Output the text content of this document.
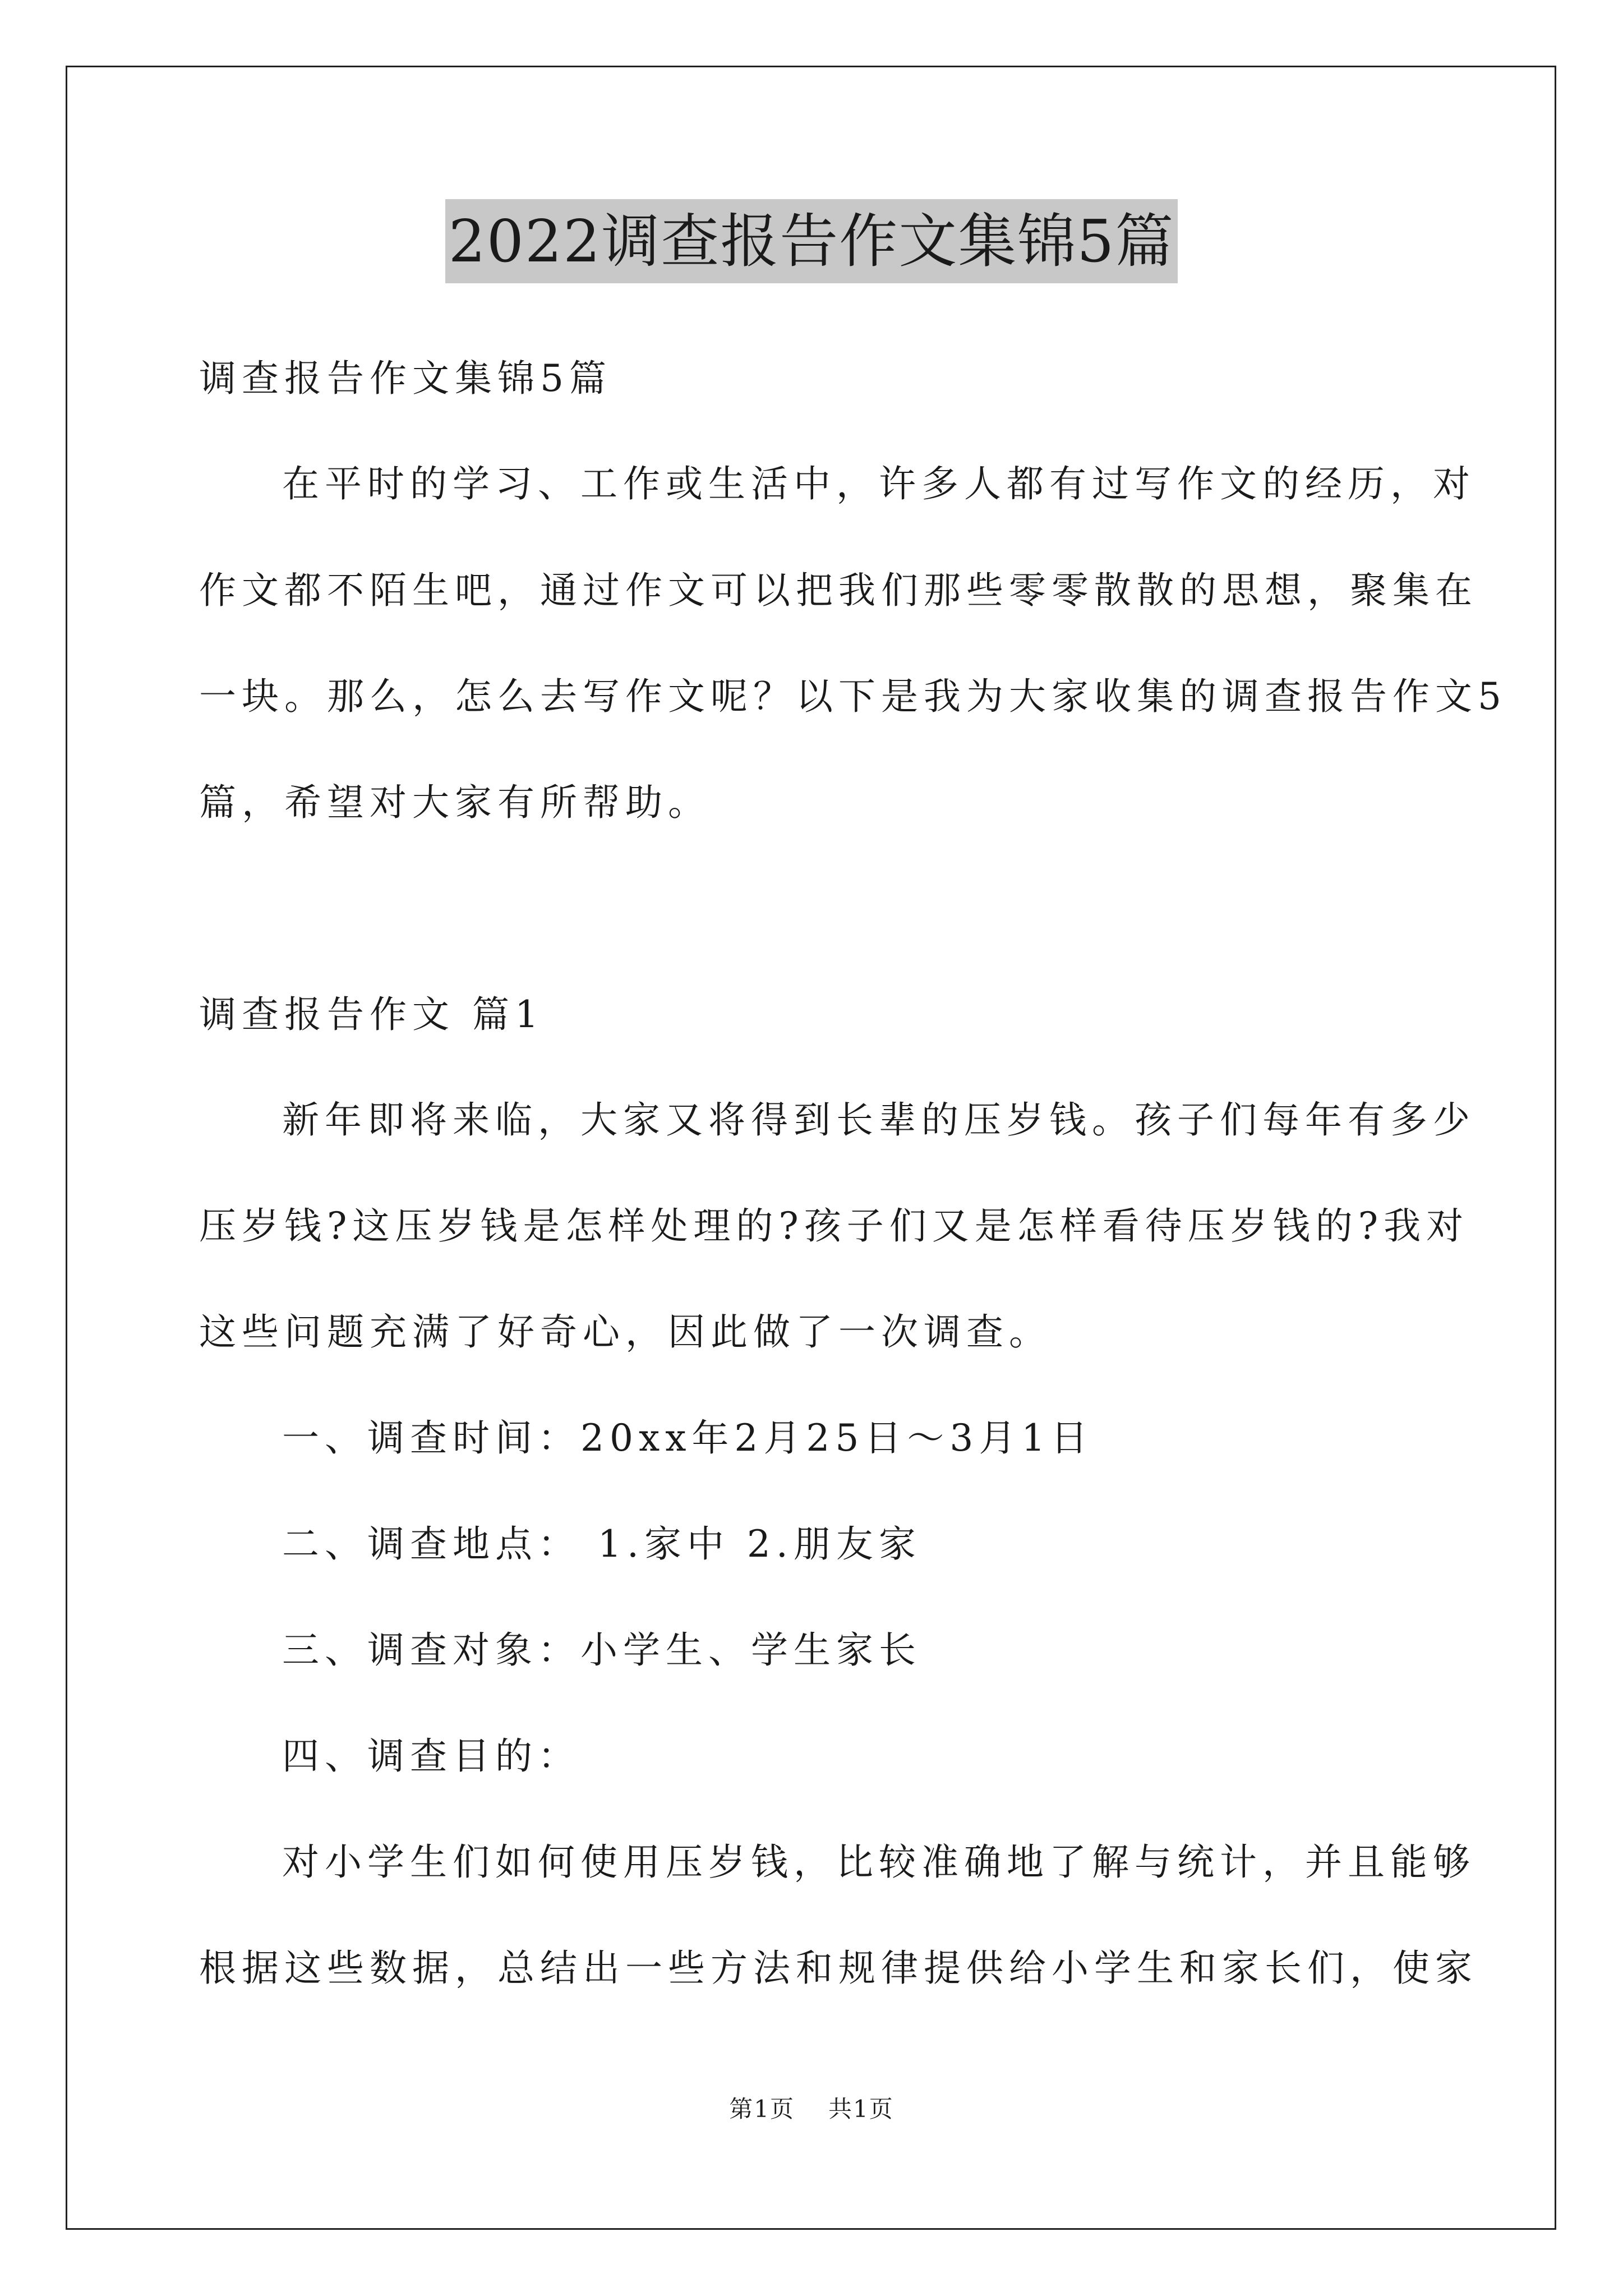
2022调查报告作文集锦5篇
调查报告作文集锦5篇
在平时的学习、工作或生活中，许多人都有过写作文的经历，对
作文都不陌生吧，通过作文可以把我们那些零零散散的思想，聚集在
一块。那么，怎么去写作文呢？以下是我为大家收集的调查报告作文5
篇，希望对大家有所帮助。
调查报告作文 篇1
新年即将来临，大家又将得到长辈的压岁钱。孩子们每年有多少
压岁钱?这压岁钱是怎样处理的?孩子们又是怎样看待压岁钱的?我对
这些问题充满了好奇心，因此做了一次调查。
一、调查时间：20xx年2月25日～3月1日
二、调查地点： 1.家中 2.朋友家
三、调查对象：小学生、学生家长
四、调查目的：
对小学生们如何使用压岁钱，比较准确地了解与统计，并且能够
根据这些数据，总结出一些方法和规律提供给小学生和家长们，使家
第1页 共1页
